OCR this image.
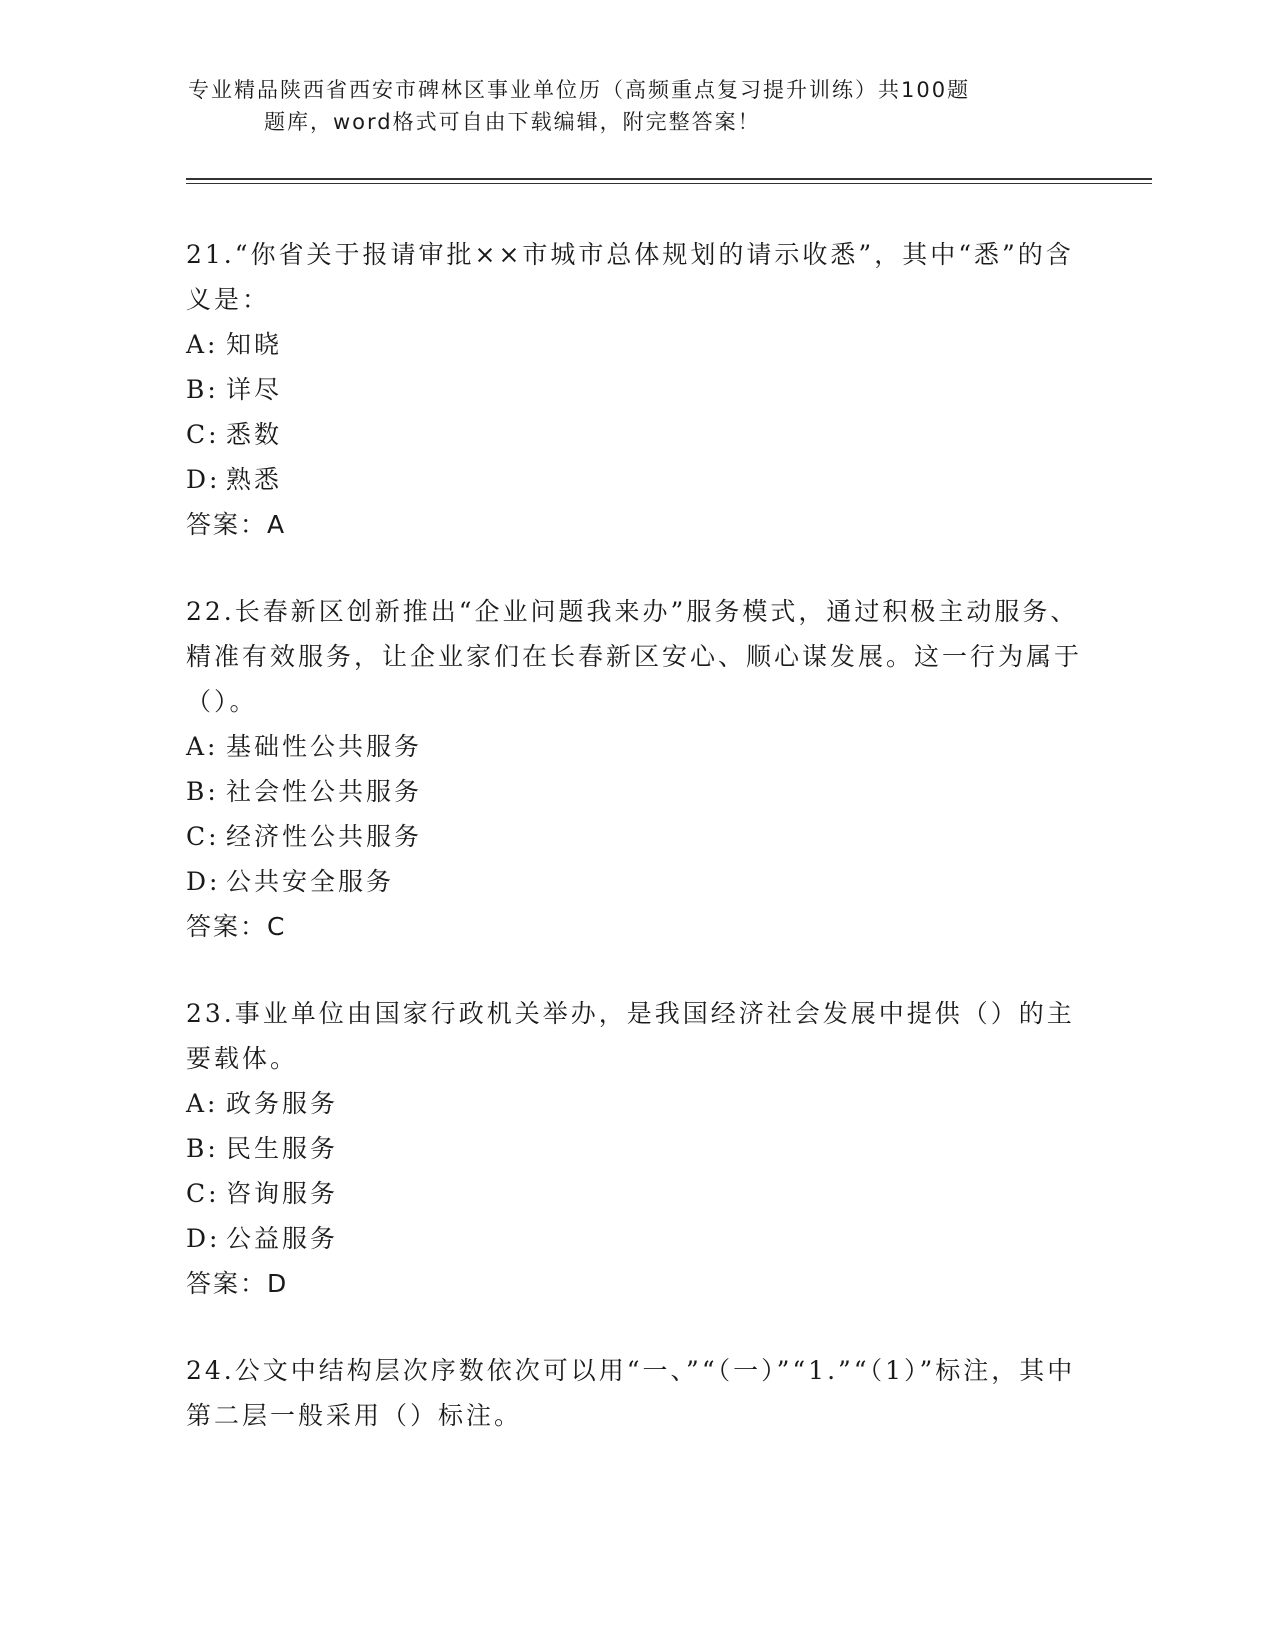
专业精品陕西省西安市碑林区事业单位历（高频重点复习提升训练）共100题
题库，word格式可自由下载编辑，附完整答案！

21.“你省关于报请审批××市城市总体规划的请示收悉”，其中“悉”的含义是：

A: 知晓

B: 详尽

C: 悉数

D: 熟悉

答案：A

22.长春新区创新推出“企业问题我来办”服务模式，通过积极主动服务、精准有效服务，让企业家们在长春新区安心、顺心谋发展。这一行为属于（）。

A: 基础性公共服务

B: 社会性公共服务

C: 经济性公共服务

D: 公共安全服务

答案：C

23.事业单位由国家行政机关举办，是我国经济社会发展中提供（）的主要载体。

A: 政务服务

B: 民生服务

C: 咨询服务

D: 公益服务

答案：D

24.公文中结构层次序数依次可以用“一、”“（一）”“1.”“（1）”标注，其中第二层一般采用（）标注。
